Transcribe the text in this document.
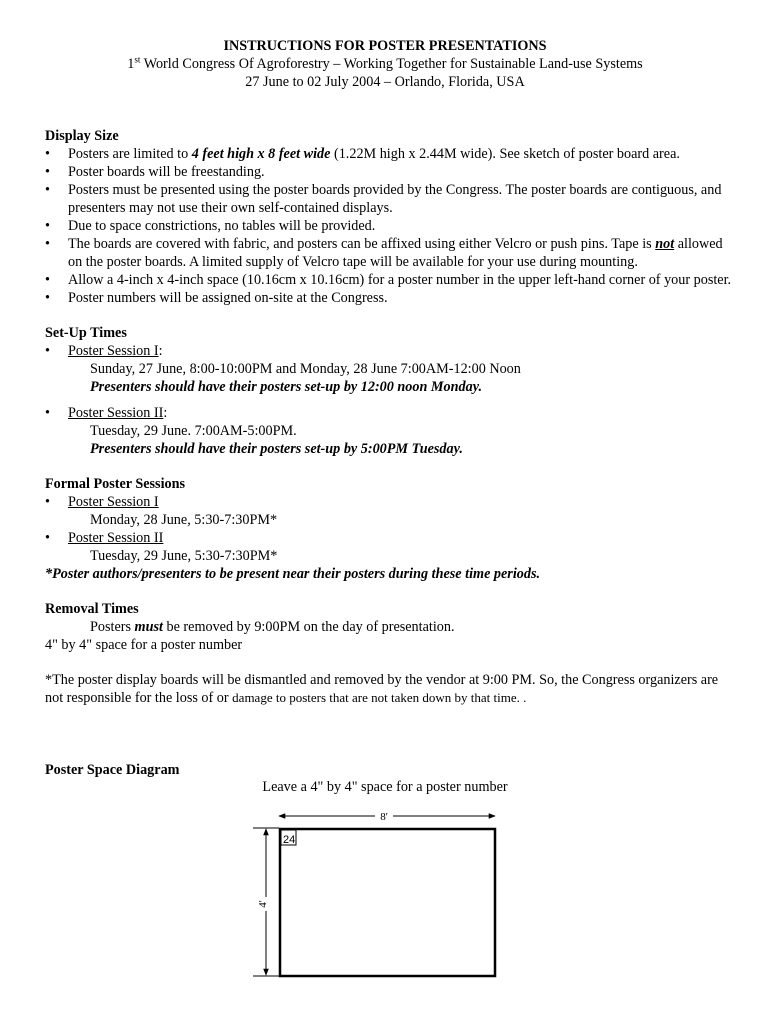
INSTRUCTIONS FOR POSTER PRESENTATIONS
1st World Congress Of Agroforestry – Working Together for Sustainable Land-use Systems
27 June to 02 July 2004 – Orlando, Florida, USA
Display Size
• Posters are limited to 4 feet high x 8 feet wide (1.22M high x 2.44M wide). See sketch of poster board area.
• Poster boards will be freestanding.
• Posters must be presented using the poster boards provided by the Congress. The poster boards are contiguous, and presenters may not use their own self-contained displays.
• Due to space constrictions, no tables will be provided.
• The boards are covered with fabric, and posters can be affixed using either Velcro or push pins. Tape is not allowed on the poster boards. A limited supply of Velcro tape will be available for your use during mounting.
• Allow a 4-inch x 4-inch space (10.16cm x 10.16cm) for a poster number in the upper left-hand corner of your poster.
• Poster numbers will be assigned on-site at the Congress.
Set-Up Times
• Poster Session I:
Sunday, 27 June, 8:00-10:00PM and Monday, 28 June 7:00AM-12:00 Noon
Presenters should have their posters set-up by 12:00 noon Monday.
• Poster Session II:
Tuesday, 29 June. 7:00AM-5:00PM.
Presenters should have their posters set-up by 5:00PM Tuesday.
Formal Poster Sessions
• Poster Session I
Monday, 28 June, 5:30-7:30PM*
• Poster Session II
Tuesday, 29 June, 5:30-7:30PM*
*Poster authors/presenters to be present near their posters during these time periods.
Removal Times
Posters must be removed by 9:00PM on the day of presentation.
4" by 4" space for a poster number
*The poster display boards will be dismantled and removed by the vendor at 9:00 PM. So, the Congress organizers are not responsible for the loss of or damage to posters that are not taken down by that time. .
Poster Space Diagram
Leave a 4" by 4" space for a poster number
8'
4'
24
